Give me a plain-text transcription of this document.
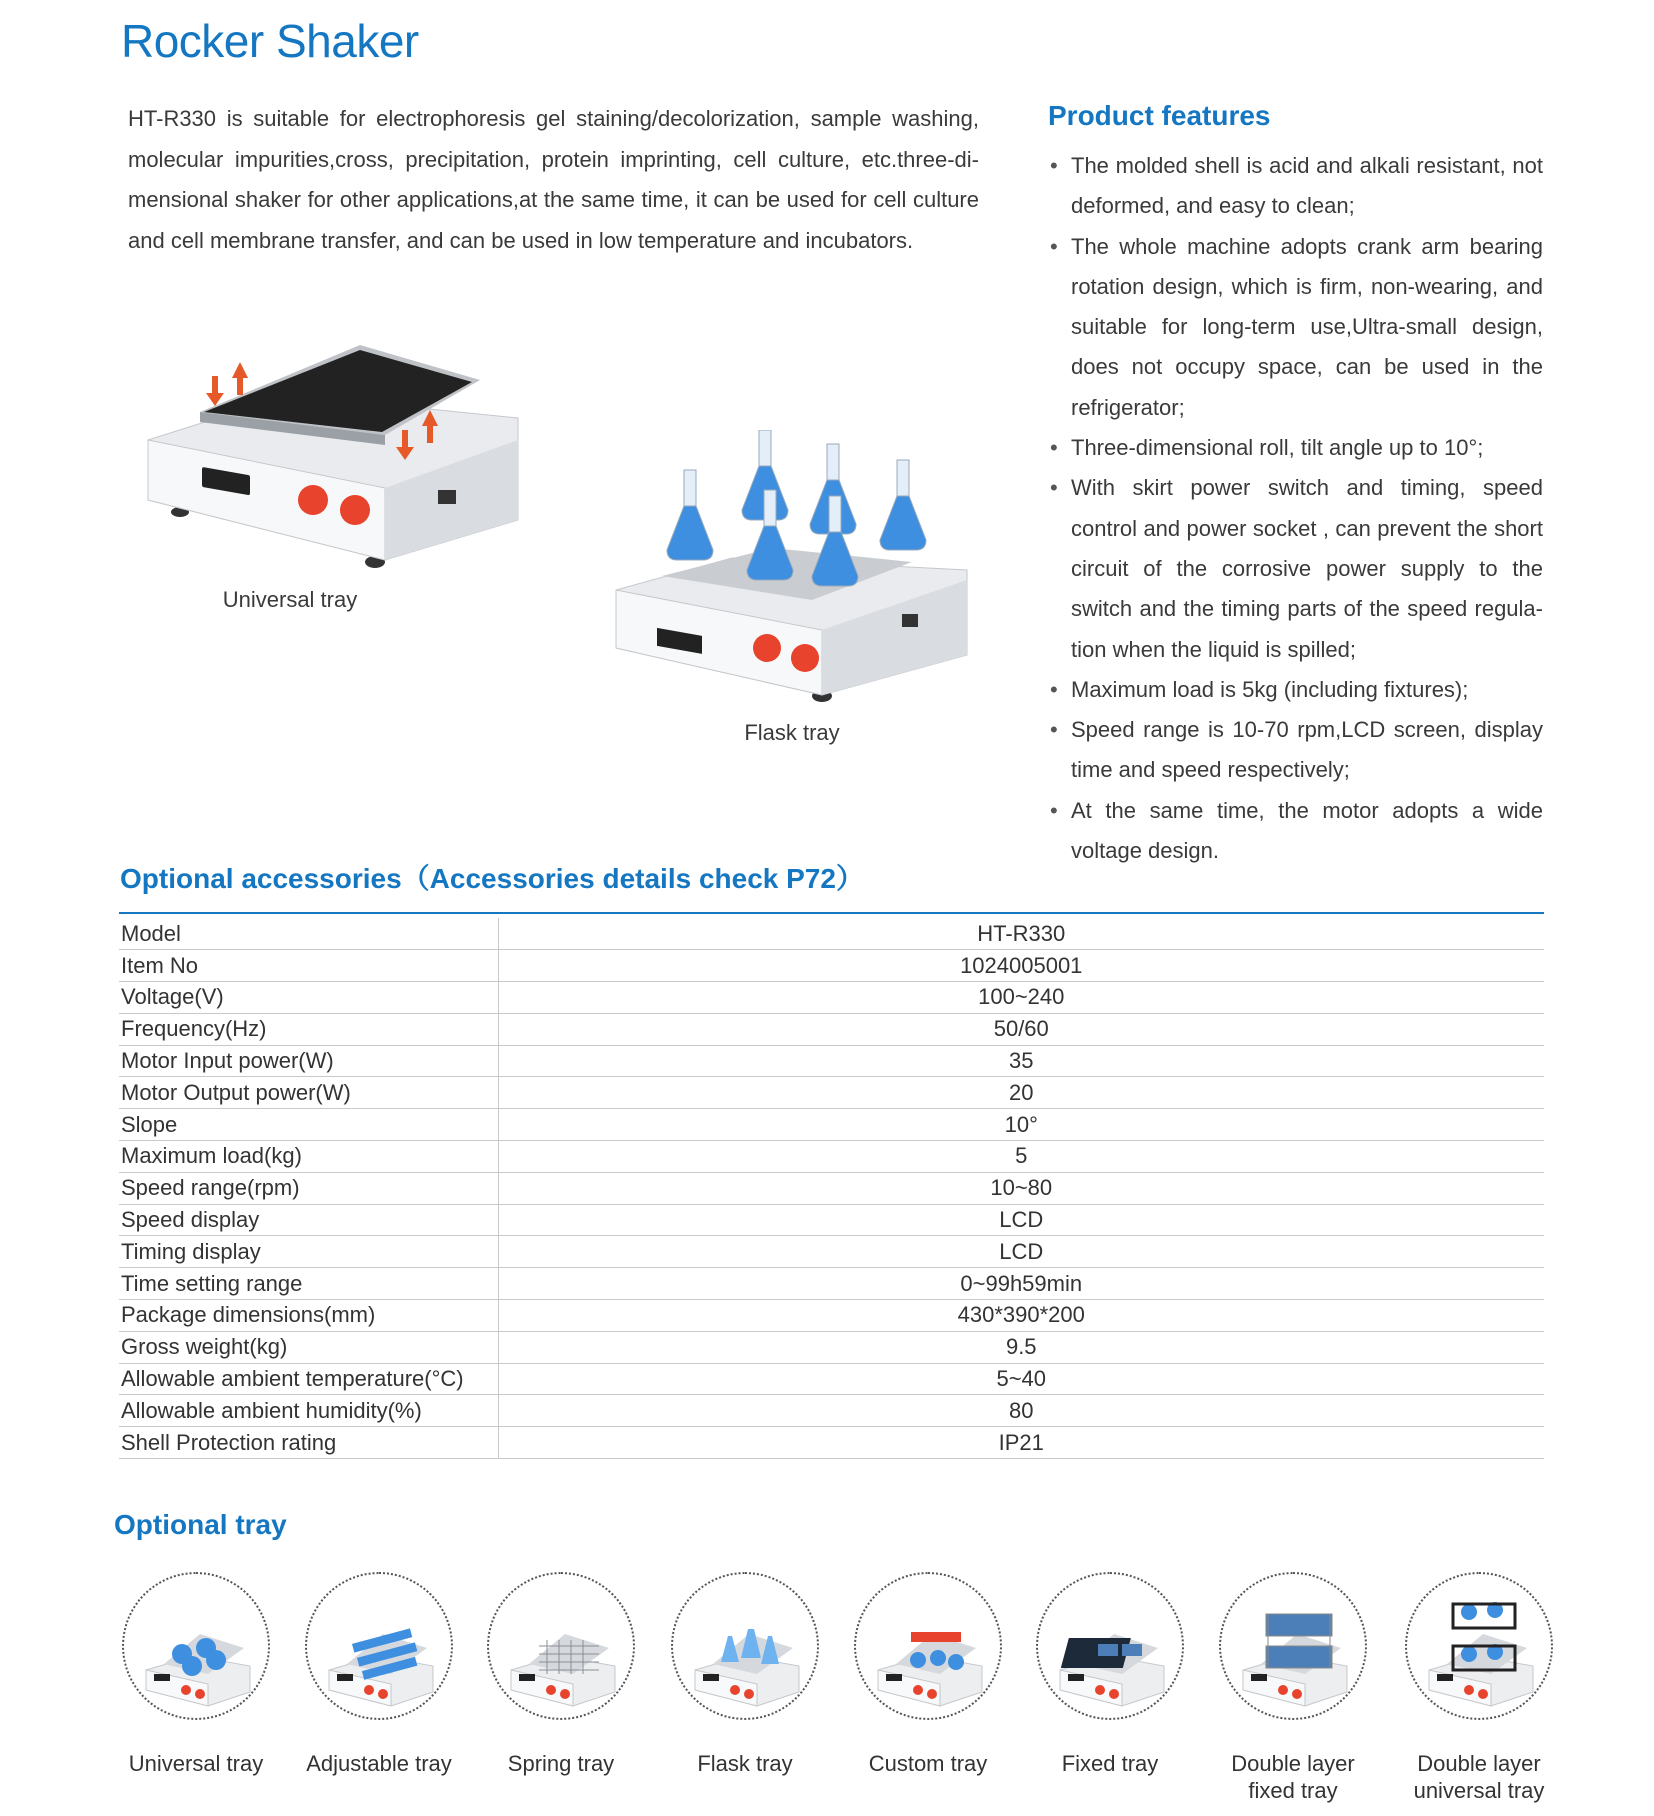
Rocker Shaker

HT-R330 is suitable for electrophoresis gel staining/decolorization, sample washing, molecular impurities,cross, precipitation, protein imprinting, cell culture, etc.three-dimensional shaker for other applications,at the same time, it can be used for cell culture and cell membrane transfer, and can be used in low temperature and incubators.

Universal tray
Flask tray
Product features
• The molded shell is acid and alkali resistant, not deformed, and easy to clean;
• The whole machine adopts crank arm bearing rotation design, which is firm, non-wearing, and suitable for long-term use,Ultra-small design, does not occupy space, can be used in the refrigerator;
• Three-dimensional roll, tilt angle up to 10°;
• With skirt power switch and timing, speed control and power socket , can prevent the short circuit of the corrosive power supply to the switch and the timing parts of the speed regulation when the liquid is spilled;
• Maximum load is 5kg (including fixtures);
• Speed range is 10-70 rpm,LCD screen, display time and speed respectively;
• At the same time, the motor adopts a wide voltage design.
Optional accessories（Accessories details check P72）
Model	HT-R330
Item No	1024005001
Voltage(V)	100~240
Frequency(Hz)	50/60
Motor Input power(W)	35
Motor Output power(W)	20
Slope	10°
Maximum load(kg)	5
Speed range(rpm)	10~80
Speed display	LCD
Timing display	LCD
Time setting range	0~99h59min
Package dimensions(mm)	430*390*200
Gross weight(kg)	9.5
Allowable ambient temperature(°C)	5~40
Allowable ambient humidity(%)	80
Shell Protection rating	IP21
Optional tray
Universal tray	Adjustable tray	Spring tray	Flask tray	Custom tray	Fixed tray	Double layer
fixed tray
Double layer
universal tray
